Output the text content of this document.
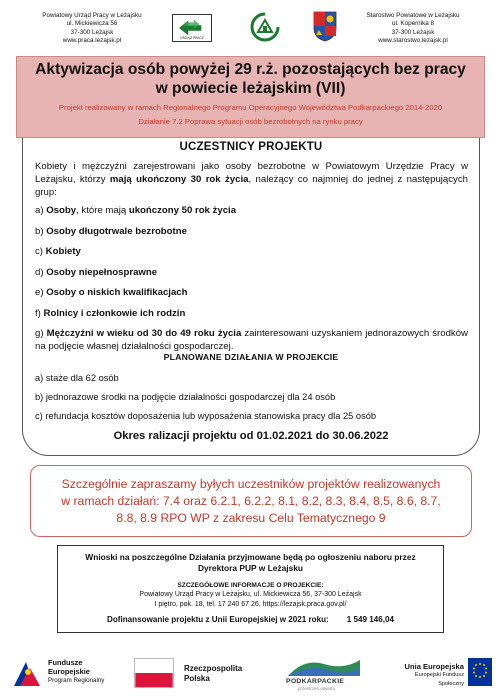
Powiatowy Urząd Pracy w Leżajsku
ul. Mickiewicza 56
37-300 Leżajsk
www.praca.lezajsk.pl	URZĄD PRACY
Starostwo Powiatowe w Leżajsku
ul. Kopernika 8
37-300 Leżajsk
www.starostwo.lezajsk.pl
Aktywizacja osób powyżej 29 r.ż. pozostających bez pracy
w powiecie leżajskim (VII)
Projekt realizowany w ramach Regionalnego Programu Operacyjnego Województwa Podkarpackiego 2014-2020
Działanie 7.2 Poprawa sytuacji osób bezrobotnych na rynku pracy
UCZESTNICY PROJEKTU
Kobiety i mężczyźni zarejestrowani jako osoby bezrobotne w Powiatowym Urzędzie Pracy w Leżajsku, którzy mają ukończony 30 rok życia, należący co najmniej do jednej z następujących grup:
a) Osoby, które mają ukończony 50 rok życia
b) Osoby długotrwale bezrobotne
c) Kobiety
d) Osoby niepełnosprawne
e) Osoby o niskich kwalifikacjach
f) Rolnicy i członkowie ich rodzin
g) Mężczyźni w wieku od 30 do 49 roku życia zainteresowani uzyskaniem jednorazowych środków na podjęcie własnej działalności gospodarczej.
PLANOWANE DZIAŁANIA W PROJEKCIE
a) staże dla 62 osób
b) jednorazowe środki na podjęcie działalności gospodarczej dla 24 osób
c) refundacja kosztów doposażenia lub wyposażenia stanowiska pracy dla 25 osób
Okres ralizacji projektu od 01.02.2021 do 30.06.2022
Szczególnie zapraszamy byłych uczestników projektów realizowanych
w ramach działań: 7.4 oraz 6.2.1, 6.2.2, 8.1, 8.2, 8.3, 8.4, 8.5, 8.6, 8.7,
8.8, 8.9 RPO WP z zakresu Celu Tematycznego 9
Wnioski na poszczególne Działania przyjmowane będą po ogłoszeniu naboru przez
Dyrektora PUP w Leżajsku
SZCZEGÓŁOWE INFORMACJE O PROJEKCIE:
Powiatowy Urząd Pracy w Leżajsku, ul. Mickiewicza 56, 37-300 Leżajsk
I piętro, pok. 18, tel. 17 240 67 26, https://lezajsk.praca.gov.pl/
Dofinansowanie projektu z Unii Europejskiej w 2021 roku: 1 549 146,04
Fundusze
Europejskie
Program Regionalny
Rzeczpospolita
Polska	PODKARPACKIE
przestrzeń otwarta
Unia Europejska
Europejski Fundusz Społeczny
